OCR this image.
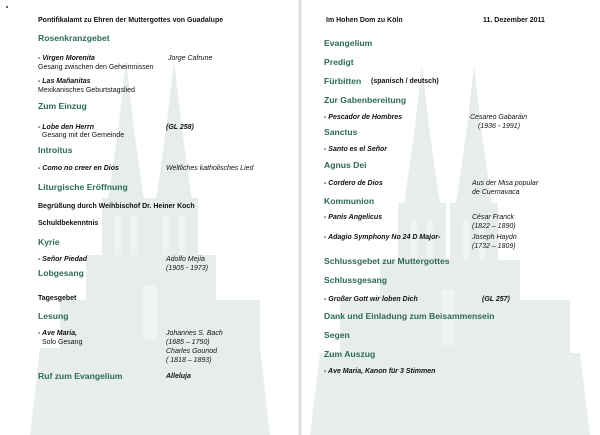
Pontifikalamt zu Ehren der Muttergottes von Guadalupe
Rosenkranzgebet
- Virgen Morenita	Jorge Cafrune
Gesang zwischen den Geheimnissen
- Las Mañanitas
Mexikanisches Geburtstagslied
Zum Einzug
- Lobe den Herrn	(GL 258)
Gesang mit der Gemeinde
Introitus
- Como no creer en Dios	Weltliches katholisches Lied
Liturgische Eröffnung
Begrüßung durch Weihbischof Dr. Heiner Koch
Schuldbekenntnis
Kyrie
- Señor Piedad	Adolfo Mejía
(1905 - 1973)
Lobgesang
Tagesgebet
Lesung
- Ave Maria,
Solo Gesang
Johannes S. Bach
(1685 – 1750)
Charles Gounod
( 1818 – 1893)
Ruf zum Evangelium	Alleluja
Im Hohen Dom zu Köln	11. Dezember 2011
Evangelium
Predigt
Fürbitten (spanisch / deutsch)
Zur Gabenbereitung
- Pescador de Hombres	Cesareo Gabaráin
(1936 - 1991)
Sanctus
- Santo es el Señor
Agnus Dei
- Cordero de Dios	Aus der Misa popular
de Cuernavaca
Kommunion
- Panis Angelicus	César Franck
(1822 – 1890)
- Adagio Symphony No 24 D Major-	Joseph Haydn
(1732 – 1809)
Schlussgebet zur Muttergottes
Schlussgesang
- Großer Gott wir loben Dich	(GL 257)
Dank und Einladung zum Beisammensein
Segen
Zum Auszug
- Ave Maria, Kanon für 3 Stimmen
